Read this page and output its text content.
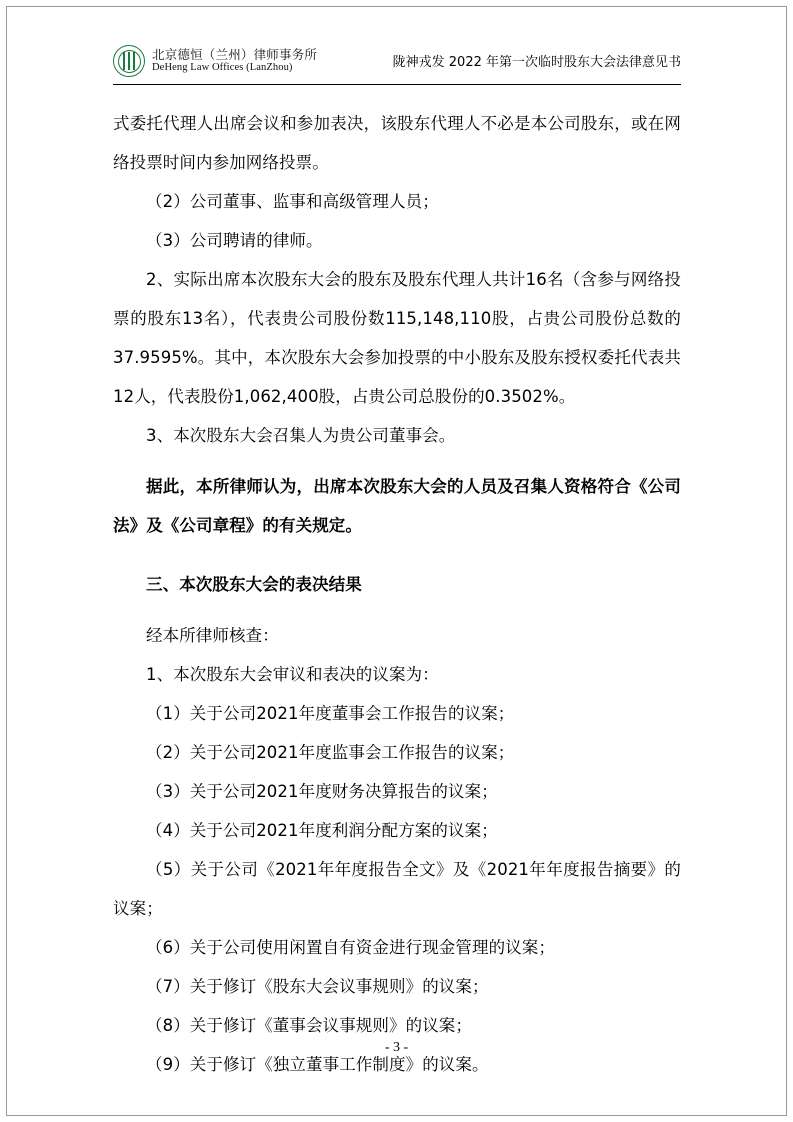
北京德恒（兰州）律师事务所
DeHeng Law Offices (LanZhou)	陇神戎发 2022 年第一次临时股东大会法律意见书

式委托代理人出席会议和参加表决，该股东代理人不必是本公司股东，或在网络投票时间内参加网络投票。

（2）公司董事、监事和高级管理人员；

（3）公司聘请的律师。

2、实际出席本次股东大会的股东及股东代理人共计16名（含参与网络投票的股东13名），代表贵公司股份数115,148,110股，占贵公司股份总数的37.9595%。其中，本次股东大会参加投票的中小股东及股东授权委托代表共12人，代表股份1,062,400股，占贵公司总股份的0.3502%。

3、本次股东大会召集人为贵公司董事会。

据此，本所律师认为，出席本次股东大会的人员及召集人资格符合《公司法》及《公司章程》的有关规定。

三、本次股东大会的表决结果

经本所律师核查：

1、本次股东大会审议和表决的议案为：

（1）关于公司2021年度董事会工作报告的议案；

（2）关于公司2021年度监事会工作报告的议案；

（3）关于公司2021年度财务决算报告的议案；

（4）关于公司2021年度利润分配方案的议案；

（5）关于公司《2021年年度报告全文》及《2021年年度报告摘要》的议案；

（6）关于公司使用闲置自有资金进行现金管理的议案；

（7）关于修订《股东大会议事规则》的议案；

（8）关于修订《董事会议事规则》的议案；

（9）关于修订《独立董事工作制度》的议案。

- 3 -
